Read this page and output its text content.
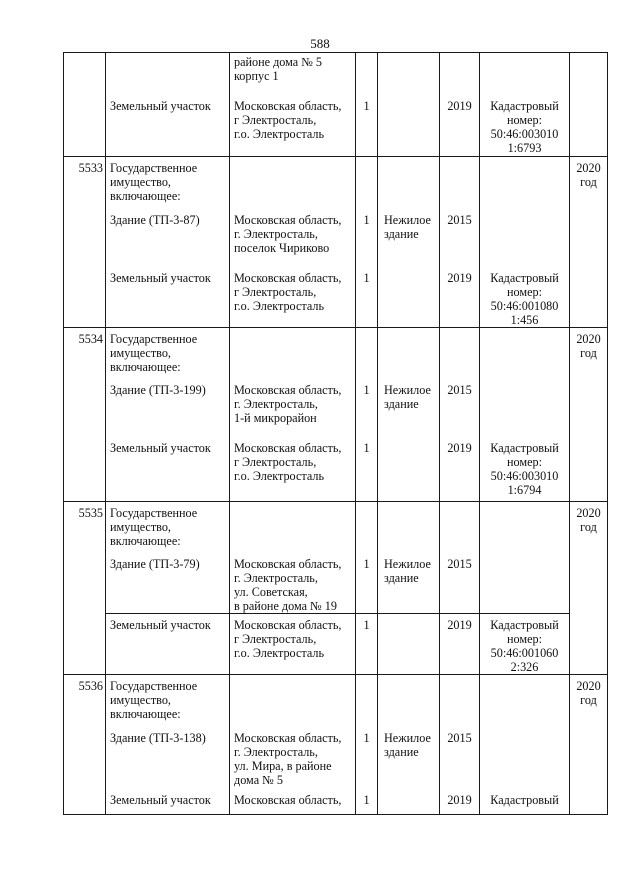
588

		районе дома № 5
корпус 1					

	Земельный участок	Московская область,
г Электросталь,
г.о. Электросталь	1		2019	Кадастровый
номер:
50:46:003010
1:6793	

5533	Государственное
имущество,
включающее:						2020
год

	Здание (ТП-3-87)	Московская область,
г. Электросталь,
поселок Чириково	1	Нежилое
здание	2015		

	Земельный участок	Московская область,
г Электросталь,
г.о. Электросталь	1		2019	Кадастровый
номер:
50:46:001080
1:456	

5534	Государственное
имущество,
включающее:						2020
год

	Здание (ТП-3-199)	Московская область,
г. Электросталь,
1-й микрорайон	1	Нежилое
здание	2015		

	Земельный участок	Московская область,
г Электросталь,
г.о. Электросталь	1		2019	Кадастровый
номер:
50:46:003010
1:6794	

5535	Государственное
имущество,
включающее:						2020
год

	Здание (ТП-3-79)	Московская область,
г. Электросталь,
ул. Советская,
в районе дома № 19	1	Нежилое
здание	2015		

	Земельный участок	Московская область,
г Электросталь,
г.о. Электросталь	1		2019	Кадастровый
номер:
50:46:001060
2:326	

5536	Государственное
имущество,
включающее:						2020
год

	Здание (ТП-3-138)	Московская область,
г. Электросталь,
ул. Мира, в районе
дома № 5	1	Нежилое
здание	2015		

	Земельный участок	Московская область,	1		2019	Кадастровый	
